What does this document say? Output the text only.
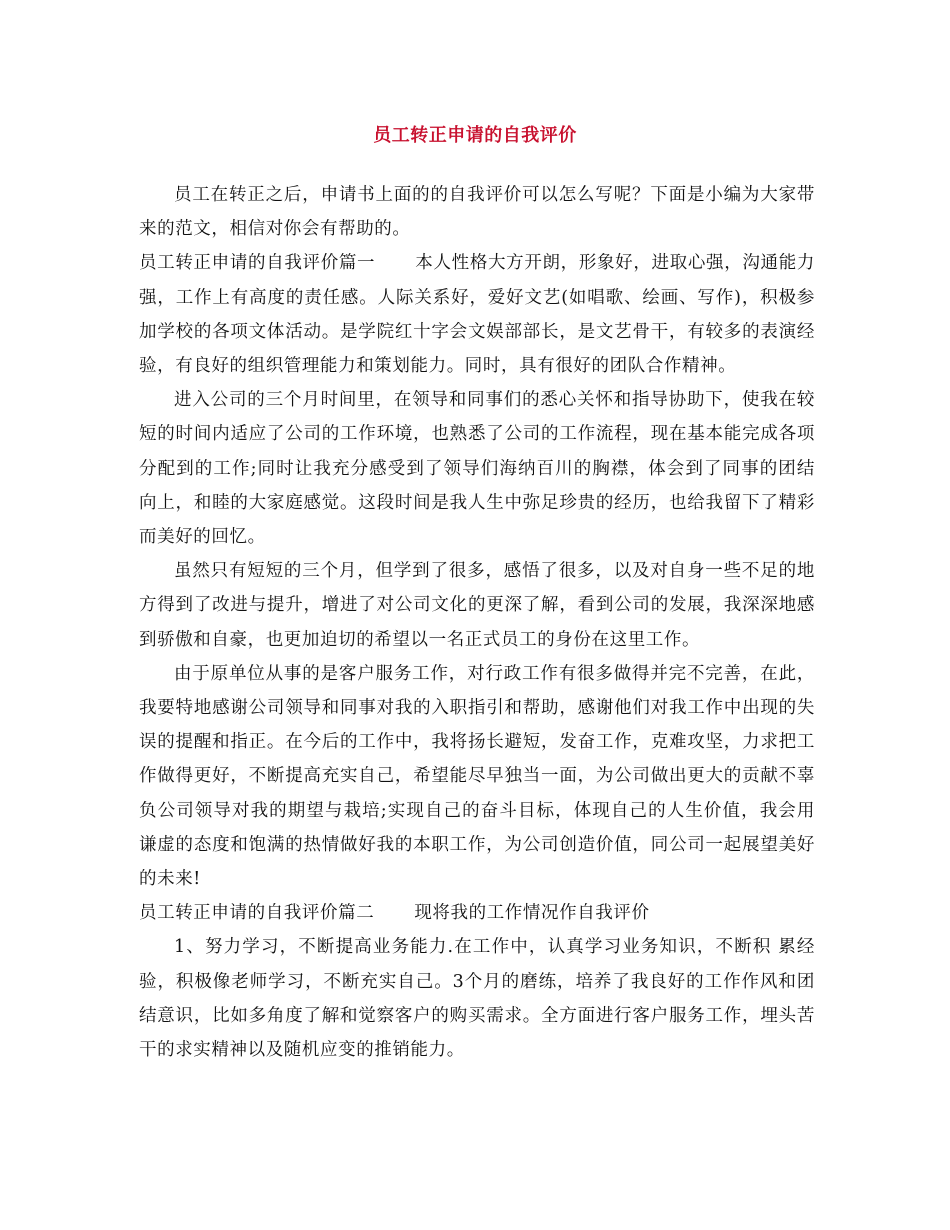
员工转正申请的自我评价

员工在转正之后，申请书上面的的自我评价可以怎么写呢？下面是小编为大家带来的范文，相信对你会有帮助的。

员工转正申请的自我评价篇一 本人性格大方开朗，形象好，进取心强，沟通能力强，工作上有高度的责任感。人际关系好，爱好文艺(如唱歌、绘画、写作)，积极参加学校的各项文体活动。是学院红十字会文娱部部长，是文艺骨干，有较多的表演经验，有良好的组织管理能力和策划能力。同时，具有很好的团队合作精神。

进入公司的三个月时间里，在领导和同事们的悉心关怀和指导协助下，使我在较短的时间内适应了公司的工作环境，也熟悉了公司的工作流程，现在基本能完成各项分配到的工作;同时让我充分感受到了领导们海纳百川的胸襟，体会到了同事的团结向上，和睦的大家庭感觉。这段时间是我人生中弥足珍贵的经历，也给我留下了精彩而美好的回忆。

虽然只有短短的三个月，但学到了很多，感悟了很多，以及对自身一些不足的地方得到了改进与提升，增进了对公司文化的更深了解，看到公司的发展，我深深地感到骄傲和自豪，也更加迫切的希望以一名正式员工的身份在这里工作。

由于原单位从事的是客户服务工作，对行政工作有很多做得并完不完善，在此，我要特地感谢公司领导和同事对我的入职指引和帮助，感谢他们对我工作中出现的失误的提醒和指正。在今后的工作中，我将扬长避短，发奋工作，克难攻坚，力求把工作做得更好，不断提高充实自己，希望能尽早独当一面，为公司做出更大的贡献不辜负公司领导对我的期望与栽培;实现自己的奋斗目标，体现自己的人生价值，我会用谦虚的态度和饱满的热情做好我的本职工作，为公司创造价值，同公司一起展望美好的未来!

员工转正申请的自我评价篇二 现将我的工作情况作自我评价

1、努力学习，不断提高业务能力.在工作中，认真学习业务知识，不断积 累经验，积极像老师学习，不断充实自己。3个月的磨练，培养了我良好的工作作风和团结意识，比如多角度了解和觉察客户的购买需求。全方面进行客户服务工作，埋头苦干的求实精神以及随机应变的推销能力。
